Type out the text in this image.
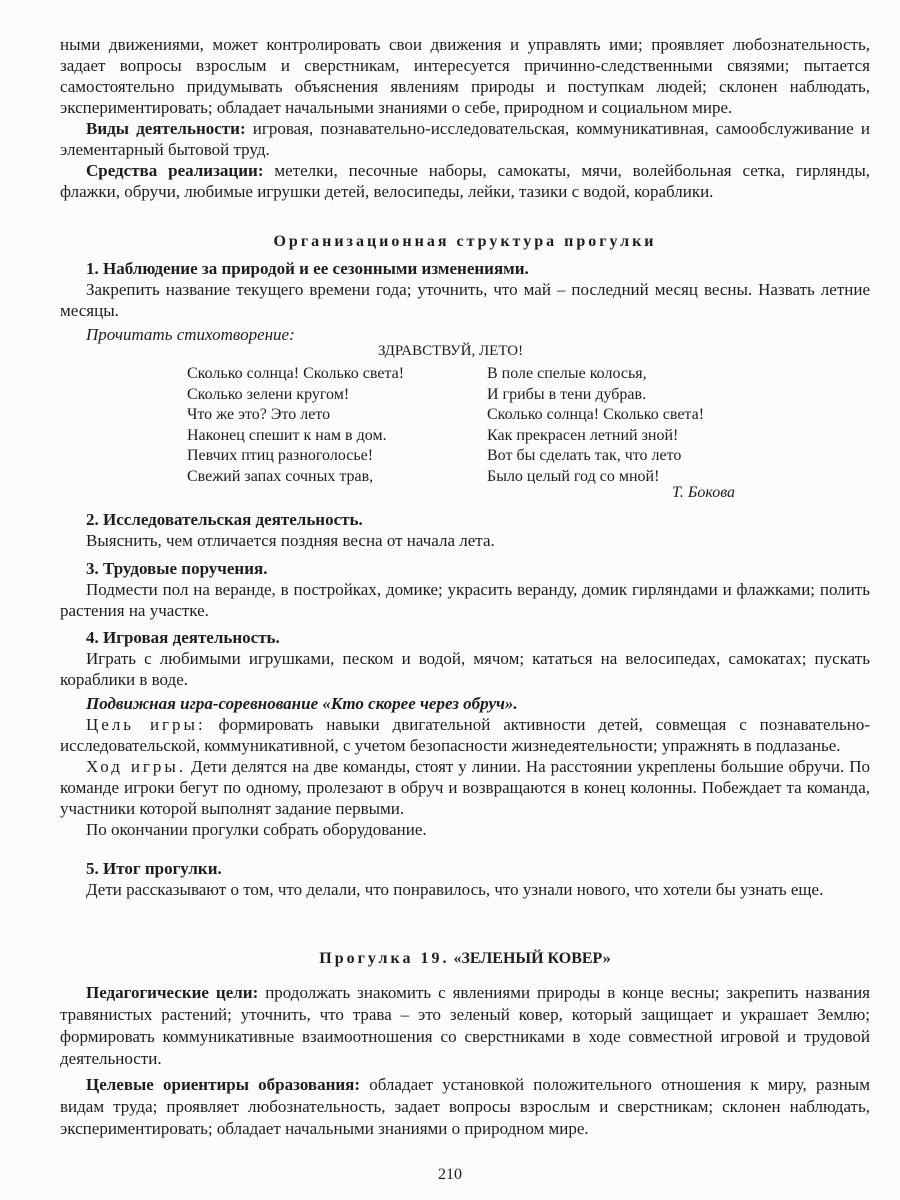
ными движениями, может контролировать свои движения и управлять ими; проявляет любознательность, задает вопросы взрослым и сверстникам, интересуется причинно-следственными связями; пытается самостоятельно придумывать объяснения явлениям природы и поступкам людей; склонен наблюдать, экспериментировать; обладает начальными знаниями о себе, природном и социальном мире.

Виды деятельности: игровая, познавательно-исследовательская, коммуникативная, самообслуживание и элементарный бытовой труд.

Средства реализации: метелки, песочные наборы, самокаты, мячи, волейбольная сетка, гирлянды, флажки, обручи, любимые игрушки детей, велосипеды, лейки, тазики с водой, кораблики.

Организационная структура прогулки

1. Наблюдение за природой и ее сезонными изменениями.

Закрепить название текущего времени года; уточнить, что май – последний месяц весны. Назвать летние месяцы.

Прочитать стихотворение:

ЗДРАВСТВУЙ, ЛЕТО!
Сколько солнца! Сколько света!
Сколько зелени кругом!
Что же это? Это лето
Наконец спешит к нам в дом.
Певчих птиц разноголосье!
Свежий запах сочных трав,
В поле спелые колосья,
И грибы в тени дубрав.
Сколько солнца! Сколько света!
Как прекрасен летний зной!
Вот бы сделать так, что лето
Было целый год со мной!
Т. Бокова

2. Исследовательская деятельность.

Выяснить, чем отличается поздняя весна от начала лета.

3. Трудовые поручения.

Подмести пол на веранде, в постройках, домике; украсить веранду, домик гирляндами и флажками; полить растения на участке.

4. Игровая деятельность.

Играть с любимыми игрушками, песком и водой, мячом; кататься на велосипедах, самокатах; пускать кораблики в воде.

Подвижная игра-соревнование «Кто скорее через обруч».

Цель игры: формировать навыки двигательной активности детей, совмещая с познавательно-исследовательской, коммуникативной, с учетом безопасности жизнедеятельности; упражнять в подлазанье.

Ход игры. Дети делятся на две команды, стоят у линии. На расстоянии укреплены большие обручи. По команде игроки бегут по одному, пролезают в обруч и возвращаются в конец колонны. Побеждает та команда, участники которой выполнят задание первыми.

По окончании прогулки собрать оборудование.

5. Итог прогулки.

Дети рассказывают о том, что делали, что понравилось, что узнали нового, что хотели бы узнать еще.

Прогулка 19. «ЗЕЛЕНЫЙ КОВЕР»

Педагогические цели: продолжать знакомить с явлениями природы в конце весны; закрепить названия травянистых растений; уточнить, что трава – это зеленый ковер, который защищает и украшает Землю; формировать коммуникативные взаимоотношения со сверстниками в ходе совместной игровой и трудовой деятельности.

Целевые ориентиры образования: обладает установкой положительного отношения к миру, разным видам труда; проявляет любознательность, задает вопросы взрослым и сверстникам; склонен наблюдать, экспериментировать; обладает начальными знаниями о природном мире.

210
